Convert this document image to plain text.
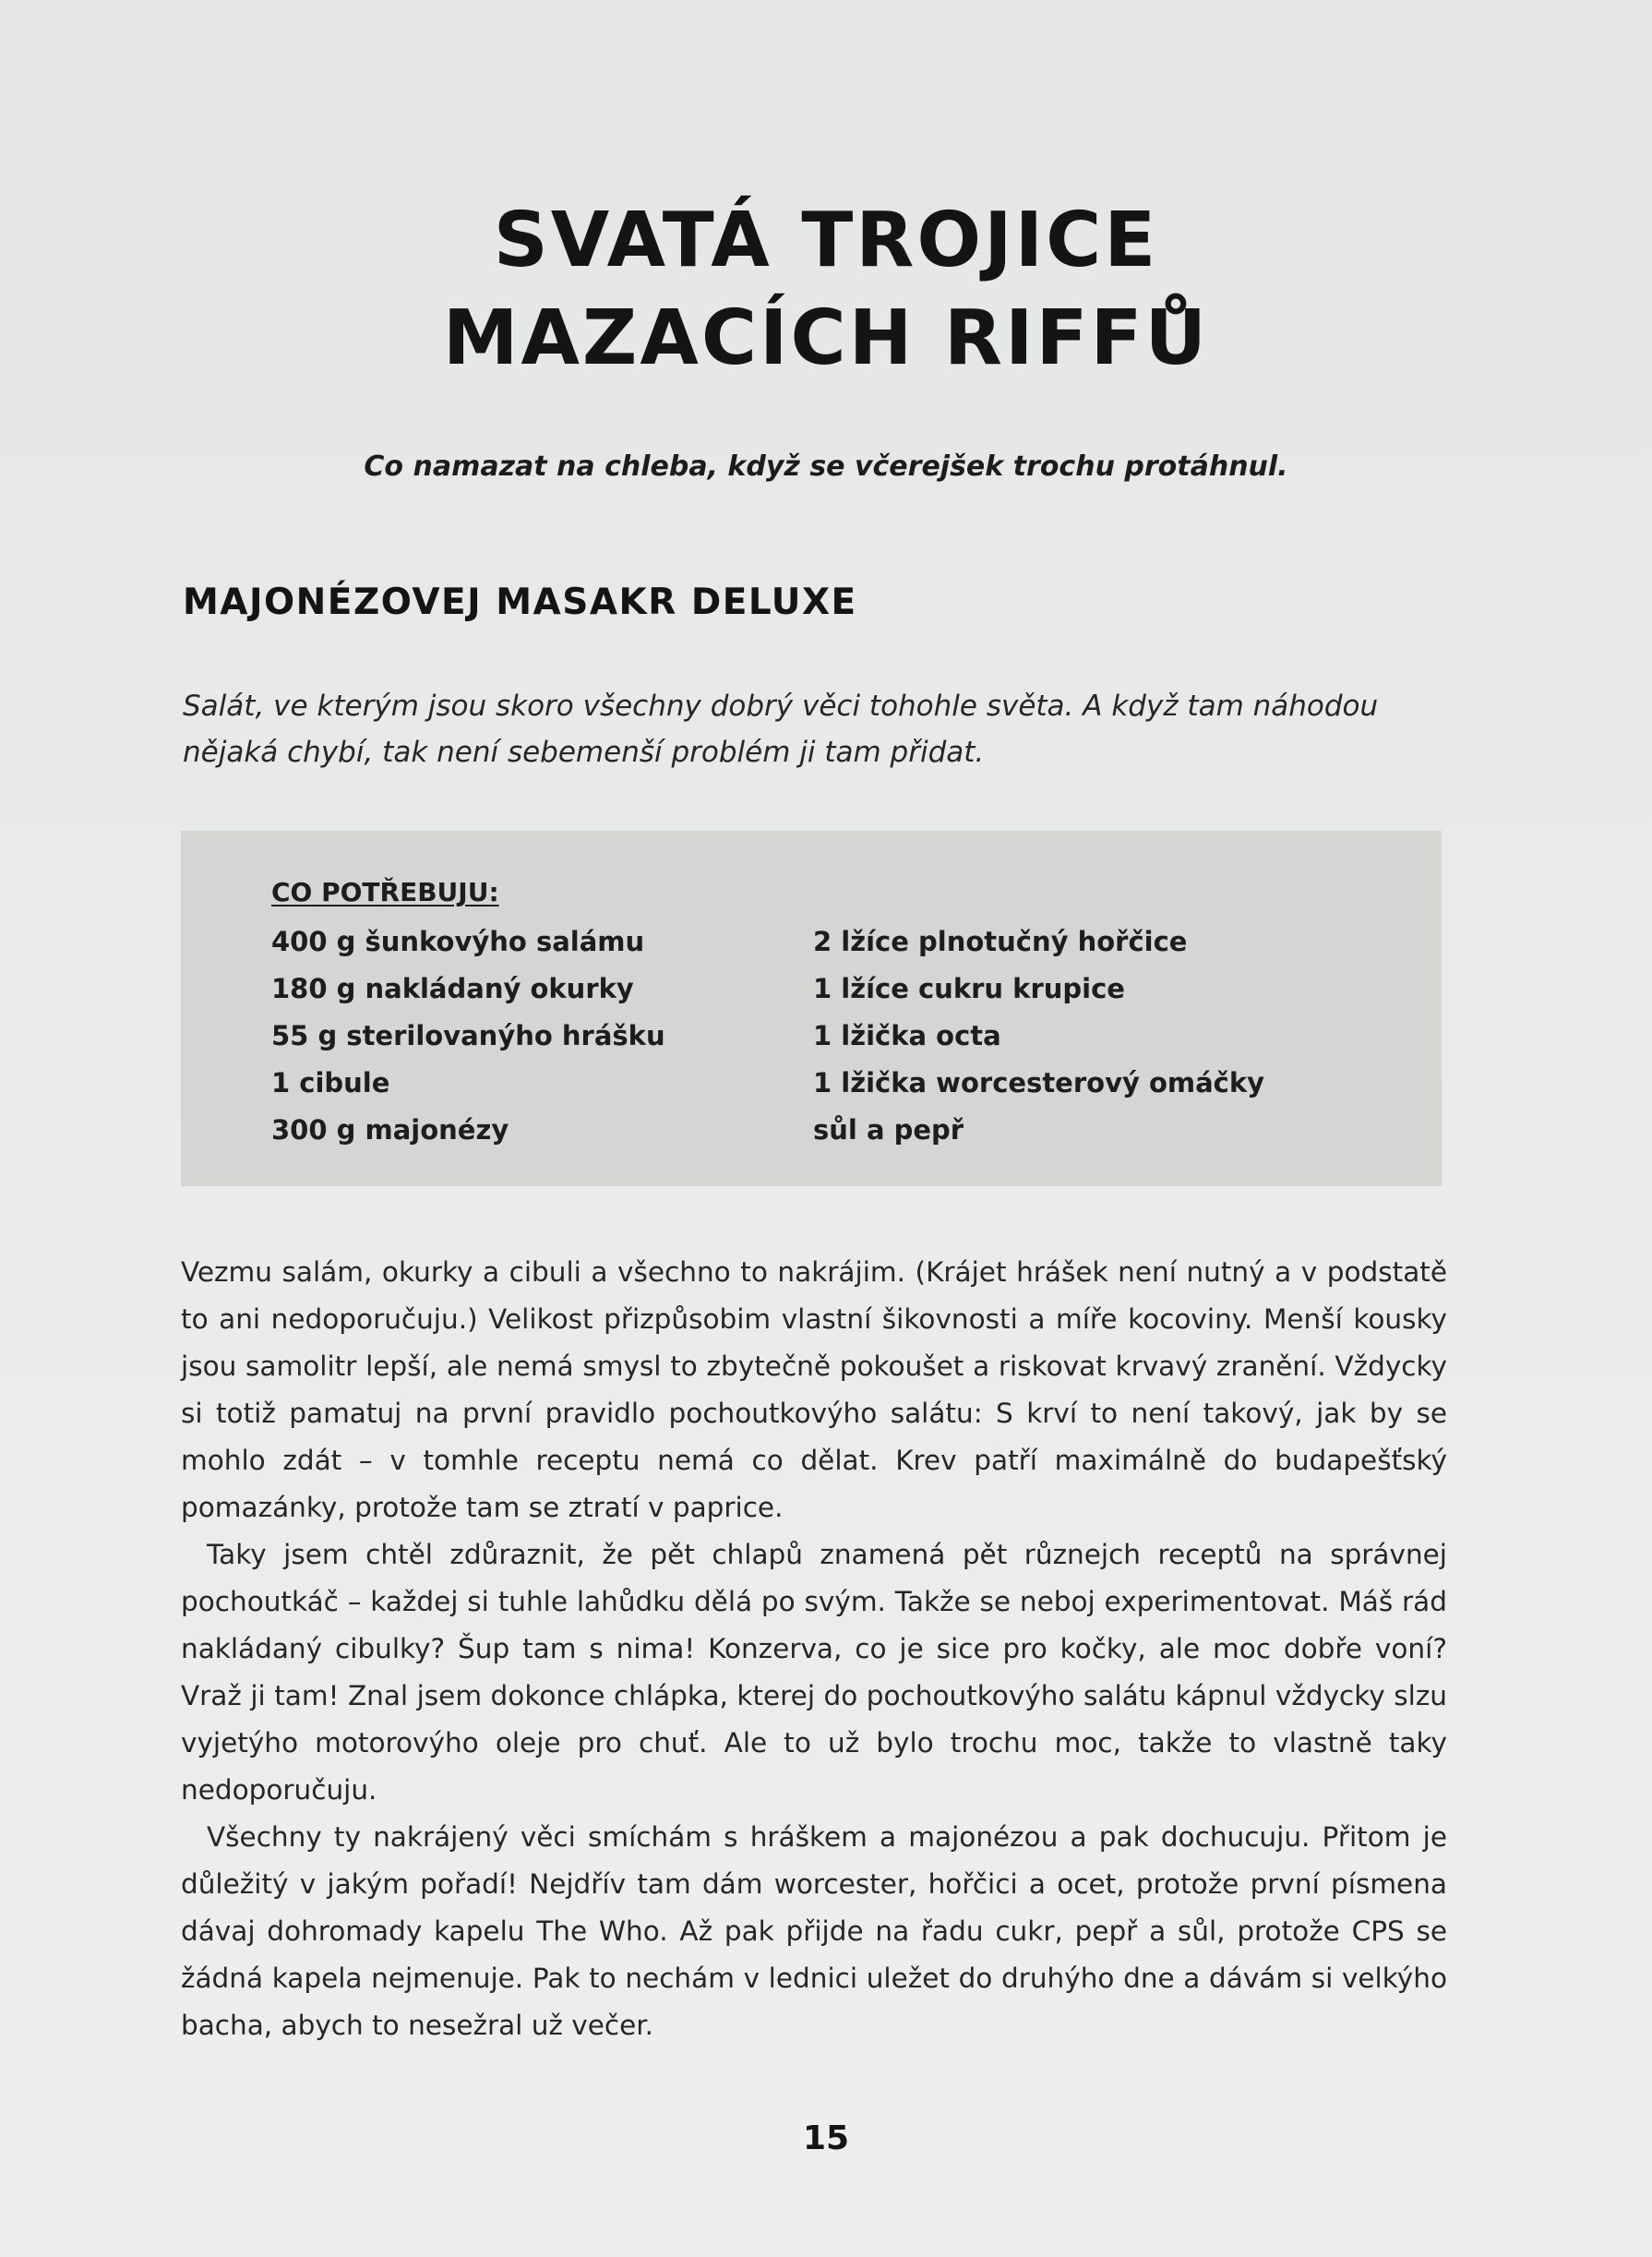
SVATÁ TROJICE
MAZACÍCH RIFFŮ

Co namazat na chleba, když se včerejšek trochu protáhnul.

MAJONÉZOVEJ MASAKR DELUXE

Salát, ve kterým jsou skoro všechny dobrý věci tohohle světa. A když tam náhodou nějaká chybí, tak není sebemenší problém ji tam přidat.

CO POTŘEBUJU:

400 g šunkovýho salámu
180 g nakládaný okurky
55 g sterilovanýho hrášku
1 cibule
300 g majonézy
2 lžíce plnotučný hořčice
1 lžíce cukru krupice
1 lžička octa
1 lžička worcesterový omáčky
sůl a pepř

Vezmu salám, okurky a cibuli a všechno to nakrájim. (Krájet hrášek není nutný a v podstatě to ani nedoporučuju.) Velikost přizpůsobim vlastní šikovnosti a míře kocoviny. Menší kousky jsou samolitr lepší, ale nemá smysl to zbytečně pokoušet a riskovat krvavý zranění. Vždycky si totiž pamatuj na první pravidlo pochoutkovýho salátu: S krví to není takový, jak by se mohlo zdát – v tomhle receptu nemá co dělat. Krev patří maximálně do budapešťský pomazánky, protože tam se ztratí v paprice.

Taky jsem chtěl zdůraznit, že pět chlapů znamená pět různejch receptů na správnej pochoutkáč – každej si tuhle lahůdku dělá po svým. Takže se neboj experimentovat. Máš rád nakládaný cibulky? Šup tam s nima! Konzerva, co je sice pro kočky, ale moc dobře voní? Vraž ji tam! Znal jsem dokonce chlápka, kterej do pochoutkovýho salátu kápnul vždycky slzu vyjetýho motorovýho oleje pro chuť. Ale to už bylo trochu moc, takže to vlastně taky nedoporučuju.

Všechny ty nakrájený věci smíchám s hráškem a majonézou a pak dochucuju. Přitom je důležitý v jakým pořadí! Nejdřív tam dám worcester, hořčici a ocet, protože první písmena dávaj dohromady kapelu The Who. Až pak přijde na řadu cukr, pepř a sůl, protože CPS se žádná kapela nejmenuje. Pak to nechám v lednici uležet do druhýho dne a dávám si velkýho bacha, abych to nesežral už večer.

15
